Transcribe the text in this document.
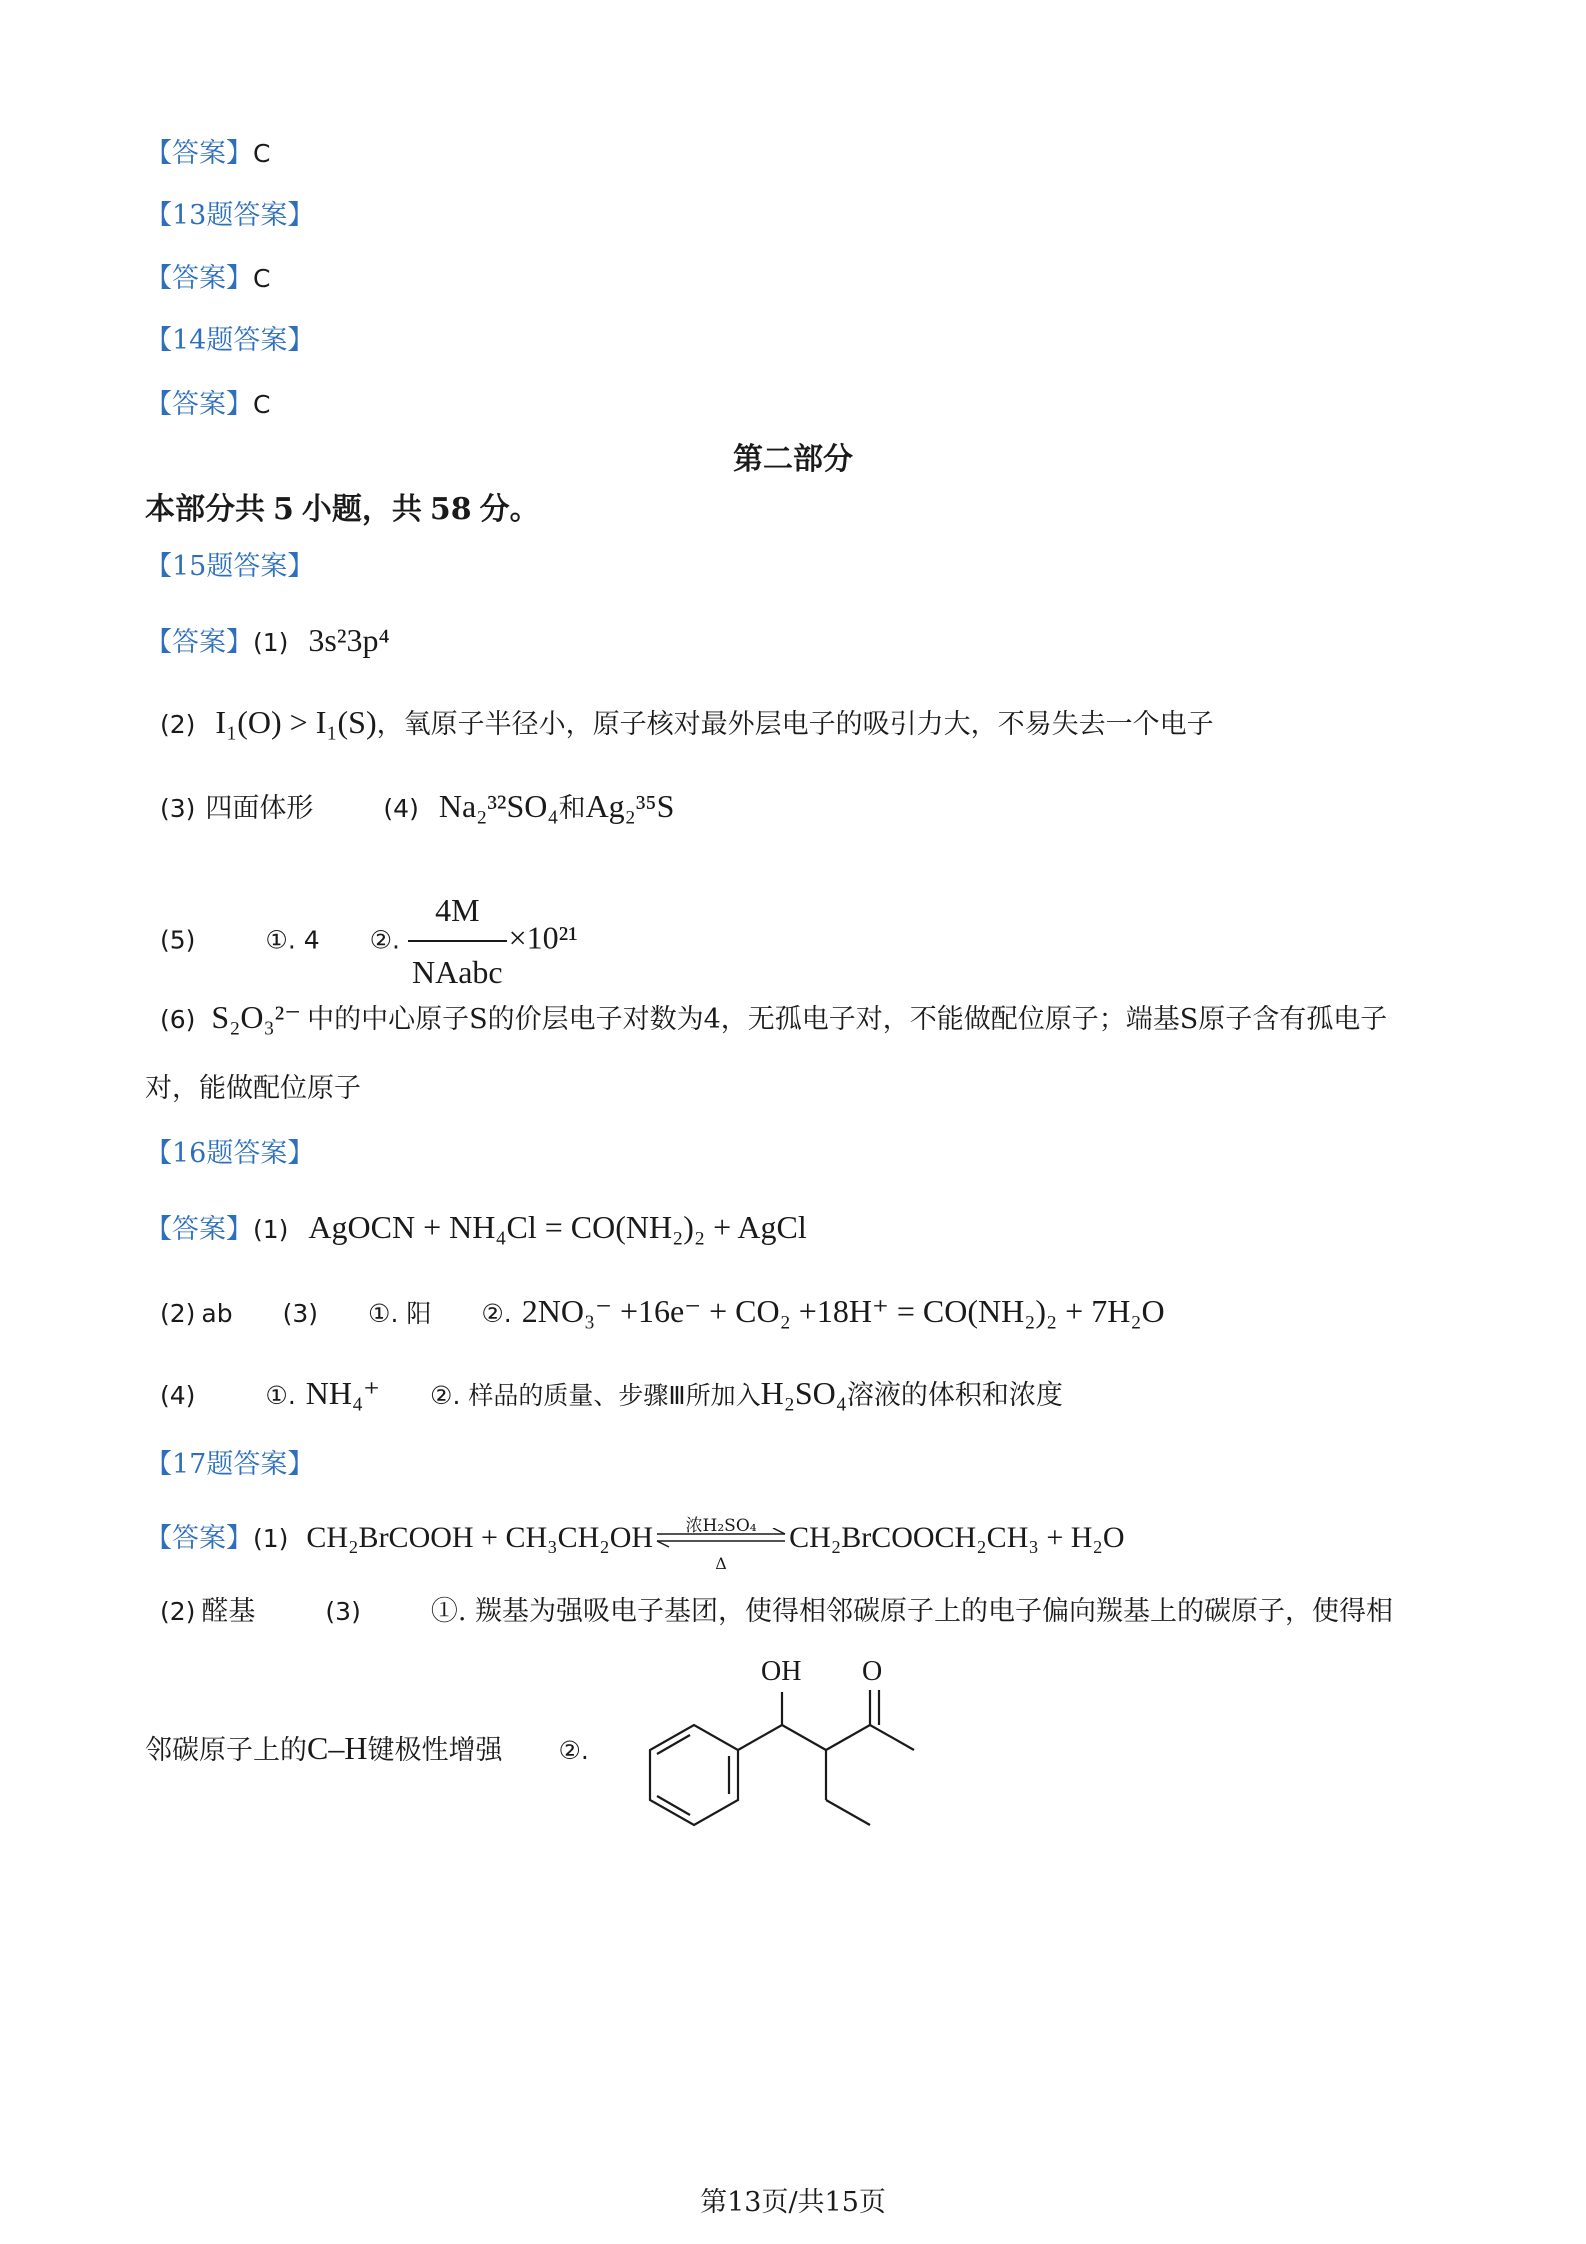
【答案】C
【13题答案】
【答案】C
【14题答案】
【答案】C
第二部分
本部分共 5 小题，共 58 分。
【15题答案】
【答案】(1) 3s²3p⁴
(2) I₁(O) > I₁(S)，氧原子半径小，原子核对最外层电子的吸引力大，不易失去一个电子
(3) 四面体形	(4) Na₂³²SO₄和Ag₂³⁵S
(5)	①. 4 ②. $\frac{4M}{\text{NAabc}} \times 10^{21}$
(6) S₂O₃²⁻ 中的中心原子S的价层电子对数为4，无孤电子对，不能做配位原子；端基S原子含有孤电子
对，能做配位原子
【16题答案】
【答案】(1) AgOCN + NH₄Cl = CO(NH₂)₂ + AgCl
(2) ab (3) ①. 阳 ②. 2NO₃⁻ +16e⁻ + CO₂ +18H⁺ = CO(NH₂)₂ + 7H₂O
(4)	①. NH₄⁺ ②. 样品的质量、步骤Ⅲ所加入H₂SO₄溶液的体积和浓度
【17题答案】
【答案】(1) CH₂BrCOOH + CH₃CH₂OH	浓H₂SO₄
Δ
CH₂BrCOOCH₂CH₃ + H₂O
(2) 醛基	(3)	①. 羰基为强吸电子基团，使得相邻碳原子上的电子偏向羰基上的碳原子，使得相
邻碳原子上的C–H键极性增强 ②.
OH O
第13页/共15页
